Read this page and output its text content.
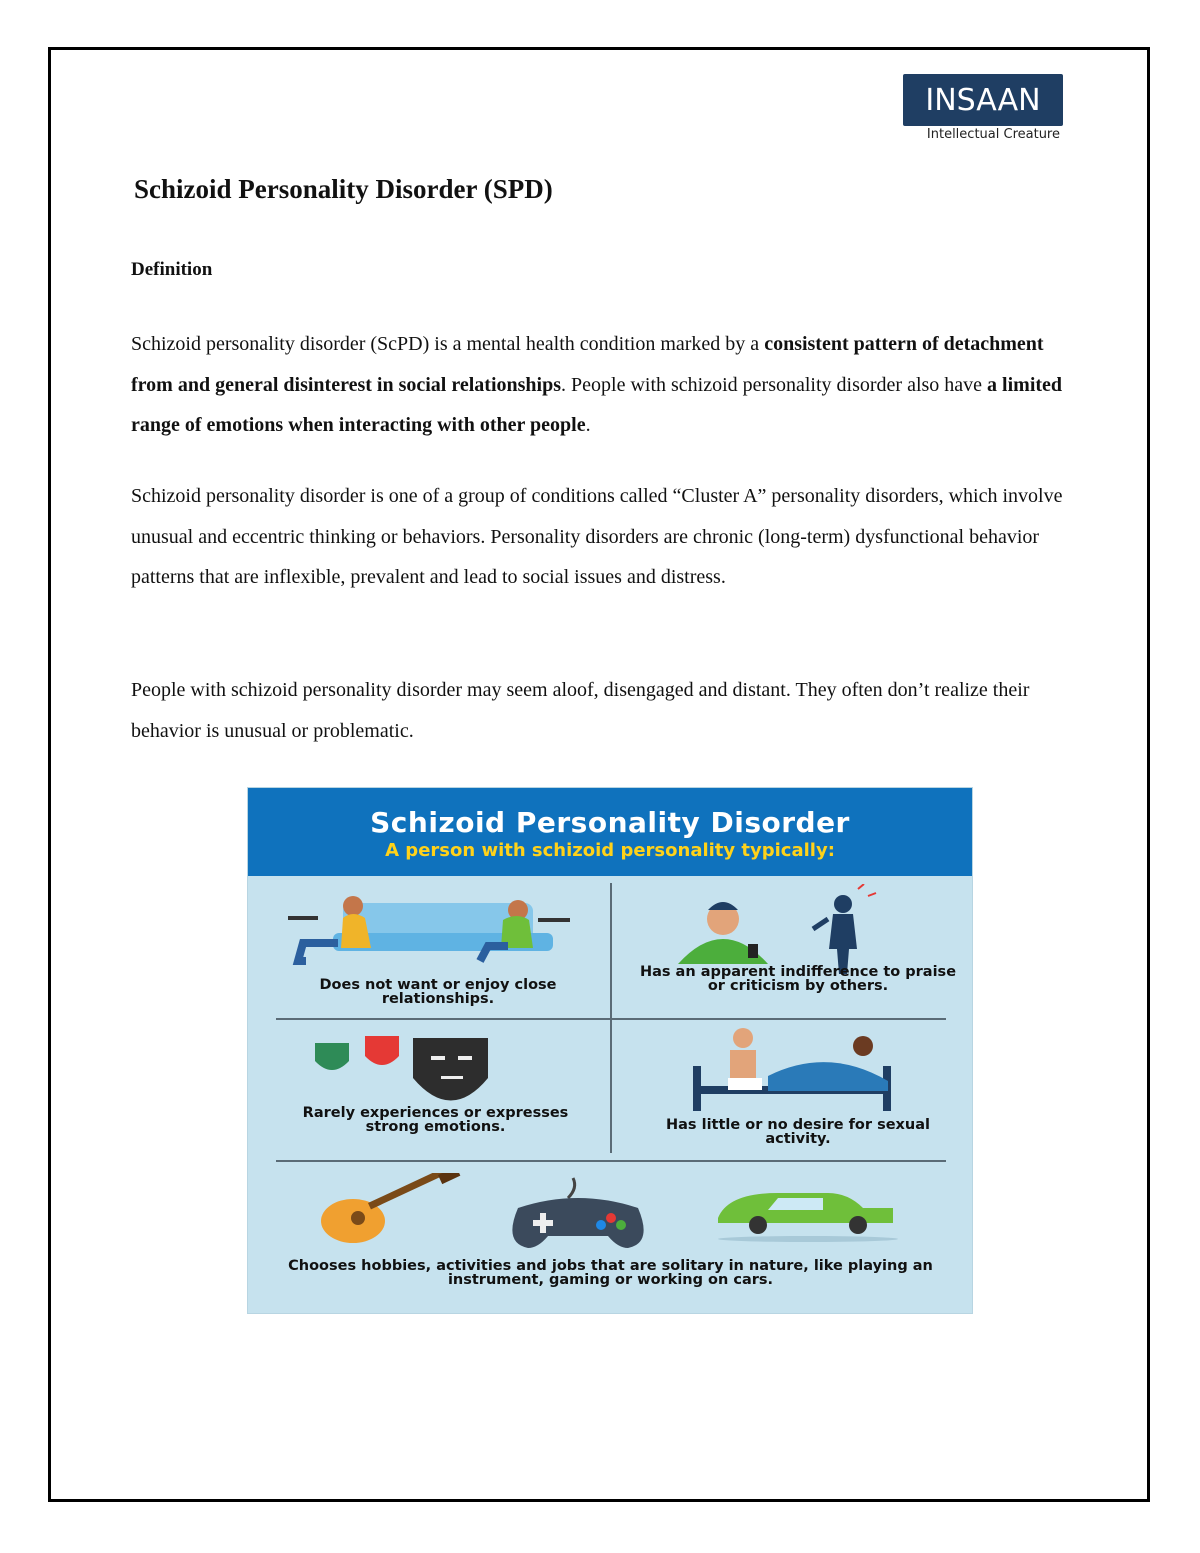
INSAAN
Intellectual Creature
Schizoid Personality Disorder (SPD)
Definition

Schizoid personality disorder (ScPD) is a mental health condition marked by a consistent pattern of detachment from and general disinterest in social relationships. People with schizoid personality disorder also have a limited range of emotions when interacting with other people.

Schizoid personality disorder is one of a group of conditions called “Cluster A” personality disorders, which involve unusual and eccentric thinking or behaviors. Personality disorders are chronic (long-term) dysfunctional behavior patterns that are inflexible, prevalent and lead to social issues and distress.

People with schizoid personality disorder may seem aloof, disengaged and distant. They often don’t realize their behavior is unusual or problematic.

Schizoid Personality Disorder

A person with schizoid personality typically:

Does not want or enjoy close relationships.

Has an apparent indifference to praise or criticism by others.

Rarely experiences or expresses strong emotions.	Has little or no desire for sexual activity.

Chooses hobbies, activities and jobs that are solitary in nature, like playing an instrument, gaming or working on cars.
